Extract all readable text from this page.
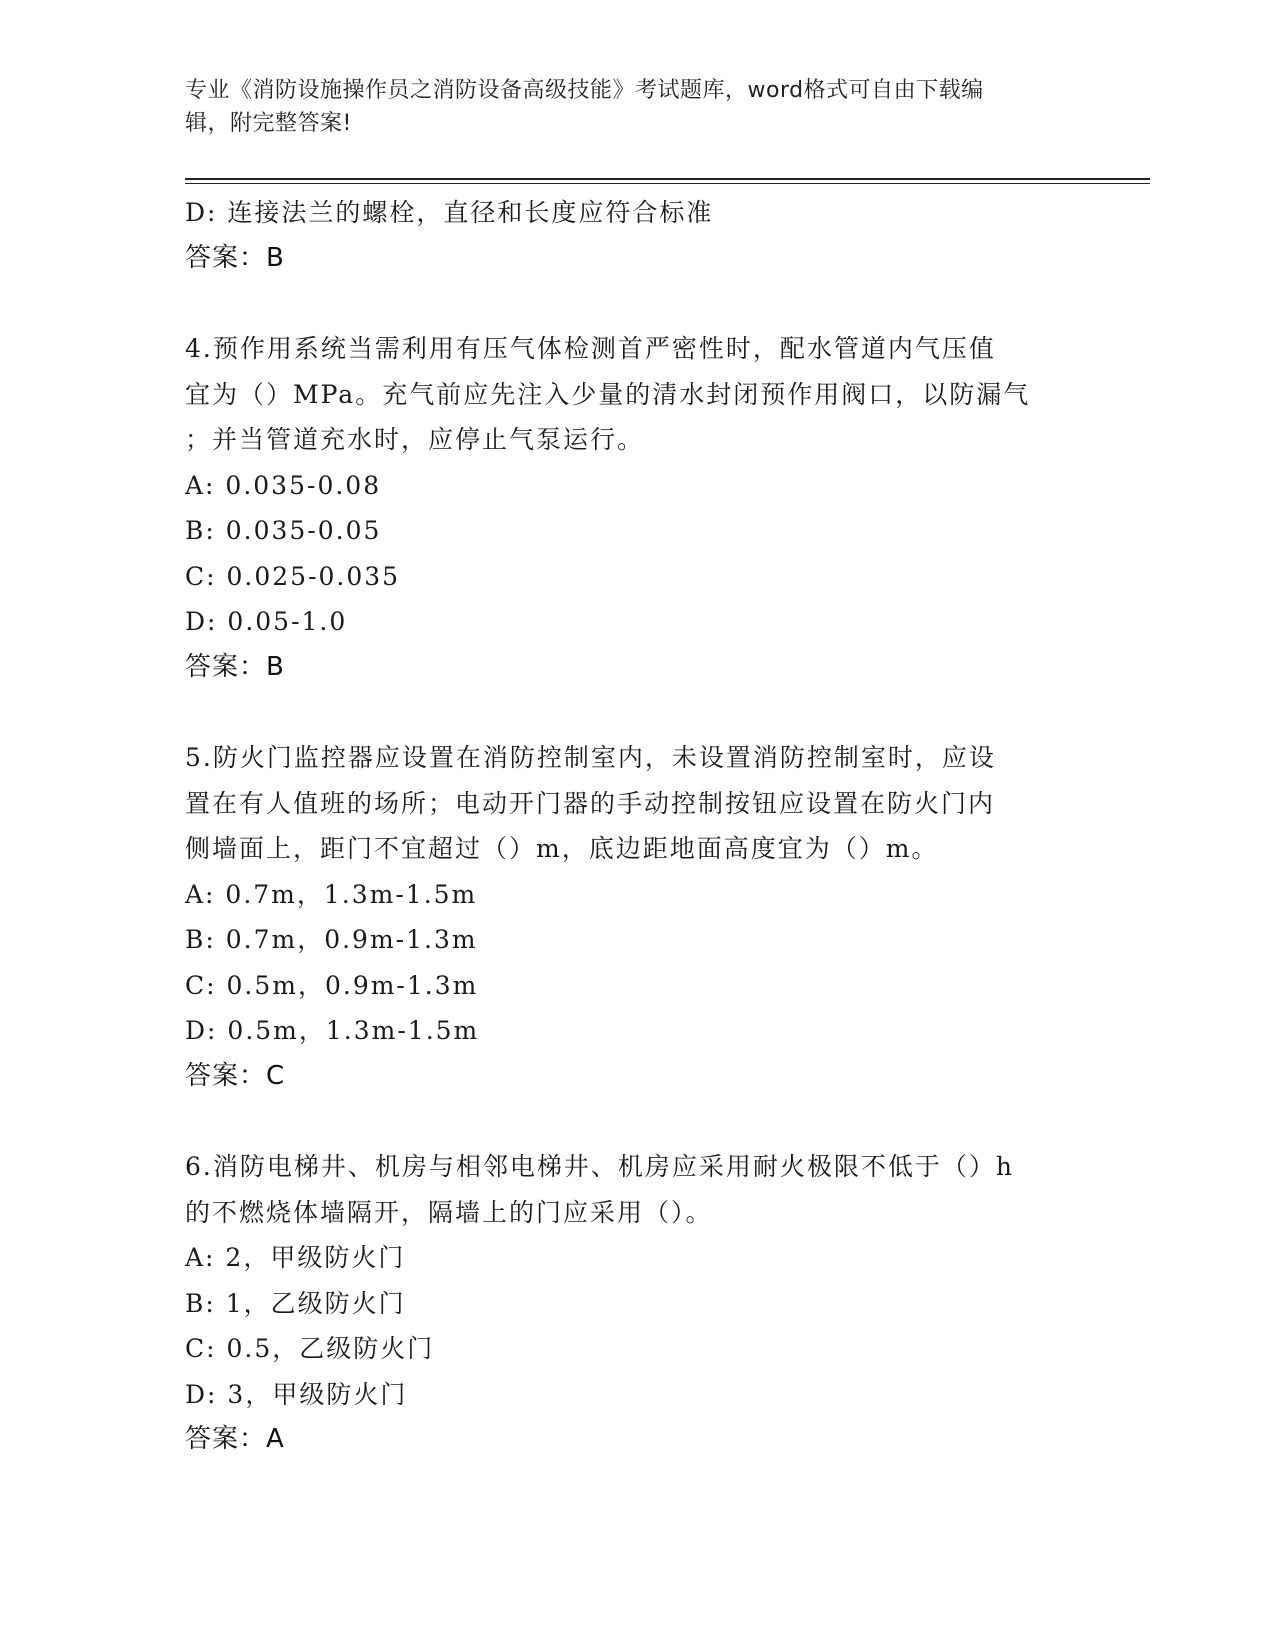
专业《消防设施操作员之消防设备高级技能》考试题库，word格式可自由下载编
辑，附完整答案!
D: 连接法兰的螺栓，直径和长度应符合标准
答案：B
4.预作用系统当需利用有压气体检测首严密性时，配水管道内气压值
宜为（）MPa。充气前应先注入少量的清水封闭预作用阀口，以防漏气
；并当管道充水时，应停止气泵运行。
A: 0.035-0.08
B: 0.035-0.05
C: 0.025-0.035
D: 0.05-1.0
答案：B
5.防火门监控器应设置在消防控制室内，未设置消防控制室时，应设
置在有人值班的场所；电动开门器的手动控制按钮应设置在防火门内
侧墙面上，距门不宜超过（）m，底边距地面高度宜为（）m。
A: 0.7m，1.3m-1.5m
B: 0.7m，0.9m-1.3m
C: 0.5m，0.9m-1.3m
D: 0.5m，1.3m-1.5m
答案：C
6.消防电梯井、机房与相邻电梯井、机房应采用耐火极限不低于（）h
的不燃烧体墙隔开，隔墙上的门应采用（）。
A: 2，甲级防火门
B: 1，乙级防火门
C: 0.5，乙级防火门
D: 3，甲级防火门
答案：A
